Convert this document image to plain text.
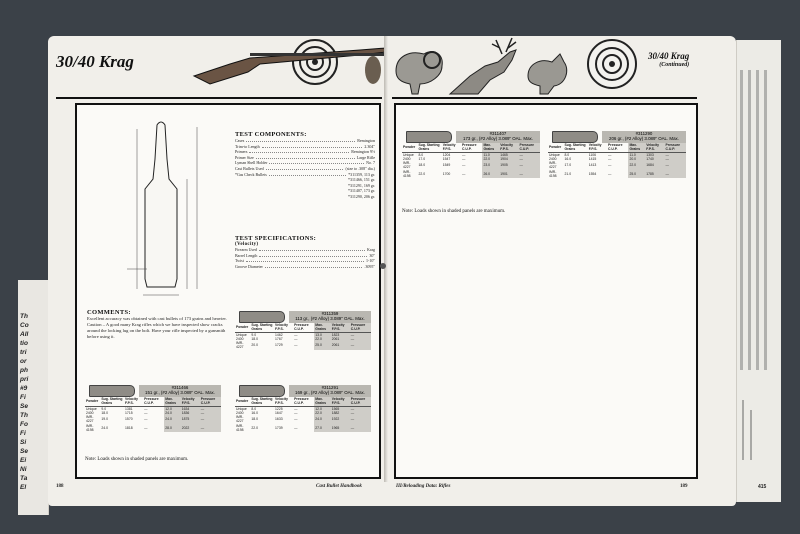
Th
Co
All
tio
tri
or
ph
pri
#9
Fi
Se
Th
Fo
Fi
Si
Se
Ei
Ni
Ta
El	415
30/40 Krag	30/40 Krag
(Continued)
TEST COMPONENTS:
Cases	Remington
Trim-to Length	2.304"
Primers	Remington 9½
Primer Size	Large Rifle
Lyman Shell Holder	No. 7
Cast Bullets Used	(size to .308" dia.)
*Gas Check Bullets	*311359, 113 gr.
*311466, 151 gr.
*311291, 169 gr.
*311407, 173 gr.
*311290, 206 gr.
TEST SPECIFICATIONS:
(Velocity)
Firearm Used	Krag
Barrel Length	30"
Twist	1-10"
Groove Diameter	.3095"
COMMENTS:
Excellent accuracy was obtained with cast bullets of 173 grains and heavier. Caution – A good many Krag rifles which we have inspected show cracks around the locking lug on the bolt. Have your rifle inspected by a gunsmith before using it.
#311359
113 gr., (#2 Alloy) 3.089" OAL. Max.
Powder	Sug. Starting Grains	Velocity F.P.S.	Pressure C.U.P.	Max. Grains	Velocity F.P.S.	Pressure C.U.P.
Unique	9.0	1462	—	13.0	1823	—
2400	18.0	1767	—	22.0	2061	—
IMR-4227	20.0	1729	—	25.0	2061	—
#311466
151 gr., (#2 Alloy) 3.089" OAL. Max.
Powder	Sug. Starting Grains	Velocity F.P.S.	Pressure C.U.P.	Max. Grains	Velocity F.P.S.	Pressure C.U.P.
Unique	9.0	1381	—	12.0	1634	—
2400	18.0	1715	—	24.0	1836	—
IMR-4227	19.0	1570	—	24.0	1875	—
IMR-4198	24.0	1818	—	28.0	2022	—
#311291
169 gr., (#2 Alloy) 3.089" OAL. Max.
Powder	Sug. Starting Grains	Velocity F.P.S.	Pressure C.U.P.	Max. Grains	Velocity F.P.S.	Pressure C.U.P.
Unique	8.0	1225	—	12.0	1565	—
2400	16.0	1647	—	22.0	1882	—
IMR-4227	18.0	1633	—	24.0	1922	—
IMR-4198	22.0	1739	—	27.0	1965	—
Note: Loads shown in shaded panels are maximum.
188	Cast Bullet Handbook
#311407
173 gr., (#2 Alloy) 3.089" OAL. Max.
Powder	Sug. Starting Grains	Velocity F.P.S.	Pressure C.U.P.	Max. Grains	Velocity F.P.S.	Pressure C.U.P.
Unique	8.0	1204	—	11.0	1465	—
2400	17.0	1547	—	22.0	1904	—
IMR-4227	18.0	1549	—	23.0	1905	—
IMR-4198	22.0	1700	—	26.0	1901	—
#311290
206 gr., (#2 Alloy) 3.089" OAL. Max.
Powder	Sug. Starting Grains	Velocity F.P.S.	Pressure C.U.P.	Max. Grains	Velocity F.P.S.	Pressure C.U.P.
Unique	8.0	1106	—	11.0	1303	—
2400	16.0	1415	—	20.0	1740	—
IMR-4227	17.0	1413	—	22.0	1684	—
IMR-4198	21.0	1554	—	25.0	1785	—
Note: Loads shown in shaded panels are maximum.
III/Reloading Data: Rifles	189
